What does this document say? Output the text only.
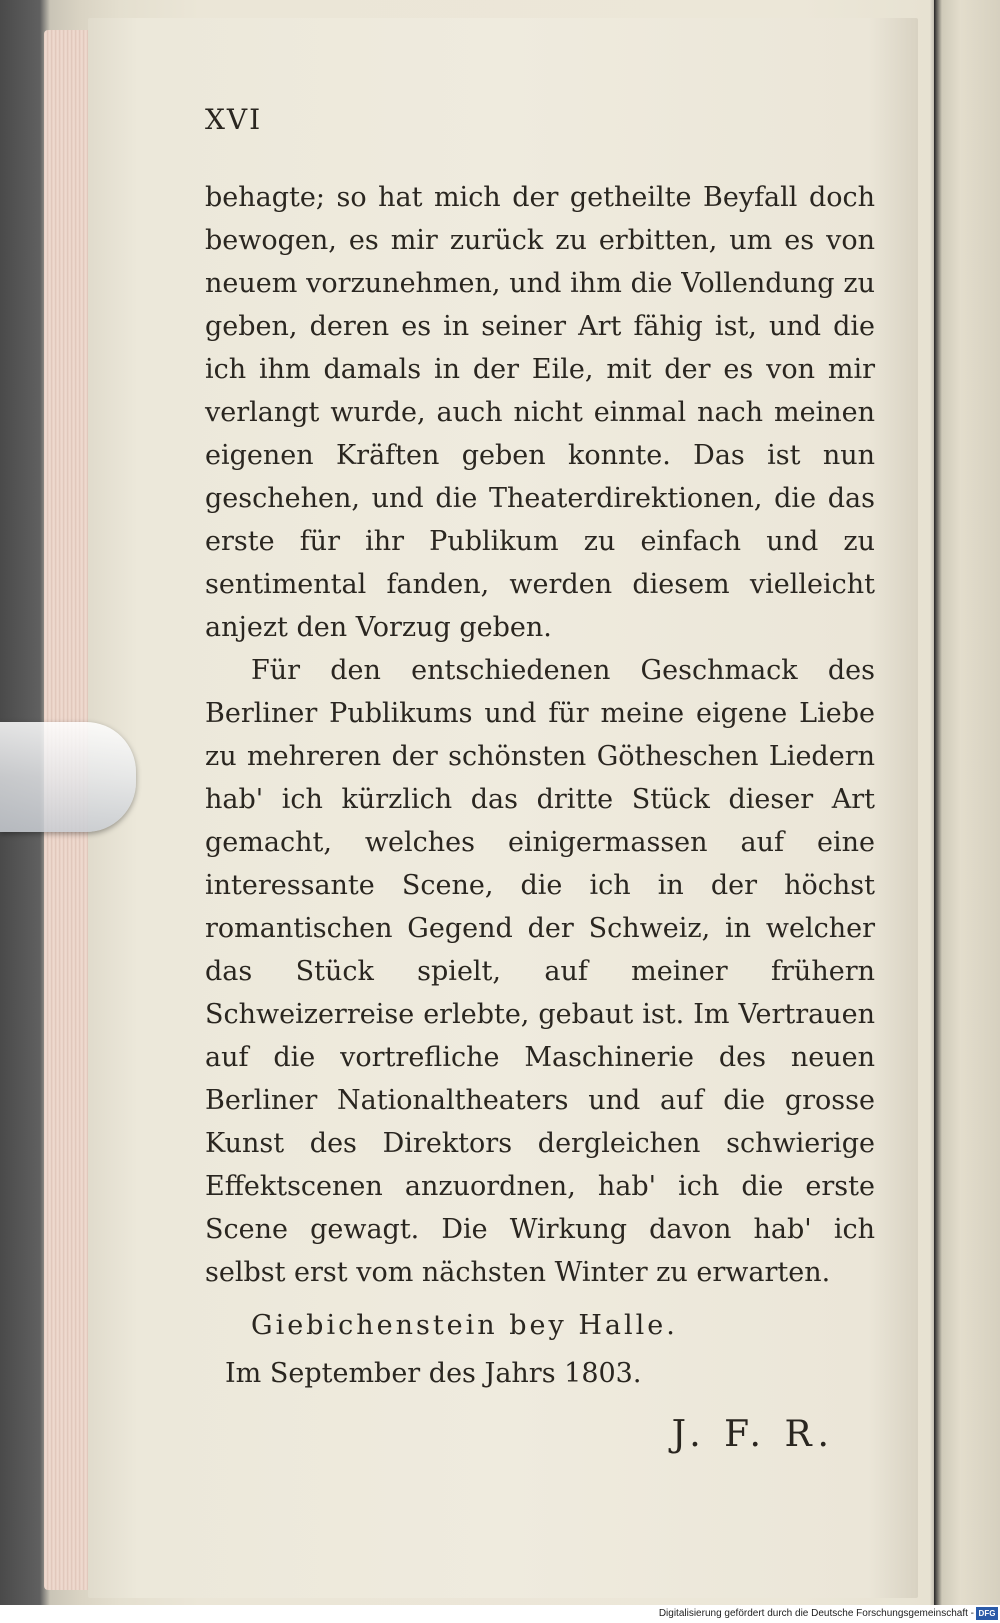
XVI

behagte; so hat mich der getheilte Beyfall doch bewogen, es mir zurück zu erbitten, um es von neuem vorzunehmen, und ihm die Vollendung zu geben, deren es in seiner Art fähig ist, und die ich ihm damals in der Eile, mit der es von mir verlangt wurde, auch nicht einmal nach meinen eigenen Kräften geben konnte. Das ist nun geschehen, und die Theaterdirektionen, die das erste für ihr Publikum zu einfach und zu sentimental fanden, werden diesem vielleicht anjezt den Vorzug geben.

Für den entschiedenen Geschmack des Berliner Publikums und für meine eigene Liebe zu mehreren der schönsten Götheschen Liedern hab' ich kürzlich das dritte Stück dieser Art gemacht, welches einigermassen auf eine interessante Scene, die ich in der höchst romantischen Gegend der Schweiz, in welcher das Stück spielt, auf meiner frühern Schweizerreise erlebte, gebaut ist. Im Vertrauen auf die vortrefliche Maschinerie des neuen Berliner Nationaltheaters und auf die grosse Kunst des Direktors dergleichen schwierige Effektscenen anzuordnen, hab' ich die erste Scene gewagt. Die Wirkung davon hab' ich selbst erst vom nächsten Winter zu erwarten.

Giebichenstein bey Halle.
Im September des Jahrs 1803.
J. F. R.
Digitalisierung gefördert durch die Deutsche Forschungsgemeinschaft - DFG
